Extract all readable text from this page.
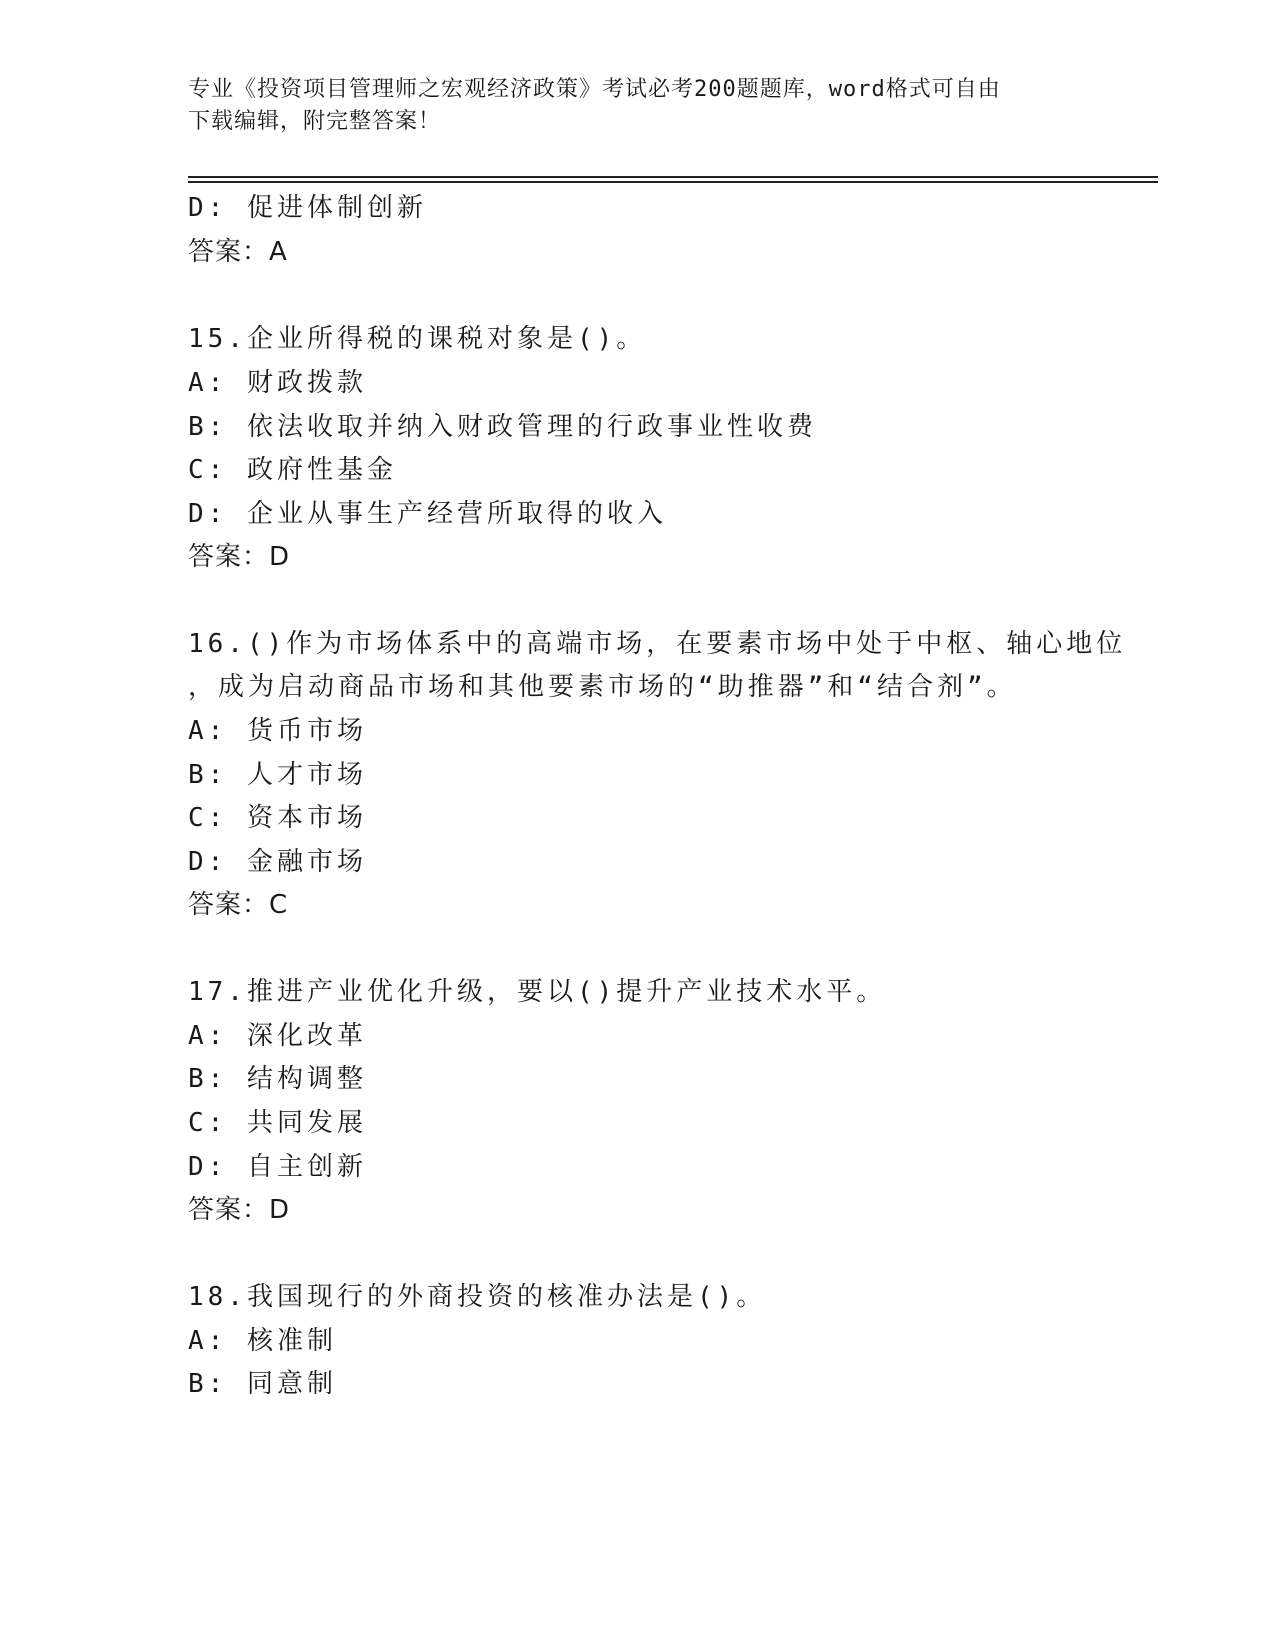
专业《投资项目管理师之宏观经济政策》考试必考200题题库，word格式可自由
下载编辑，附完整答案！
D: 促进体制创新
答案：A
15.企业所得税的课税对象是()。
A: 财政拨款
B: 依法收取并纳入财政管理的行政事业性收费
C: 政府性基金
D: 企业从事生产经营所取得的收入
答案：D
16.()作为市场体系中的高端市场，在要素市场中处于中枢、轴心地位
，成为启动商品市场和其他要素市场的“助推器”和“结合剂”。
A: 货币市场
B: 人才市场
C: 资本市场
D: 金融市场
答案：C
17.推进产业优化升级，要以()提升产业技术水平。
A: 深化改革
B: 结构调整
C: 共同发展
D: 自主创新
答案：D
18.我国现行的外商投资的核准办法是()。
A: 核准制
B: 同意制
